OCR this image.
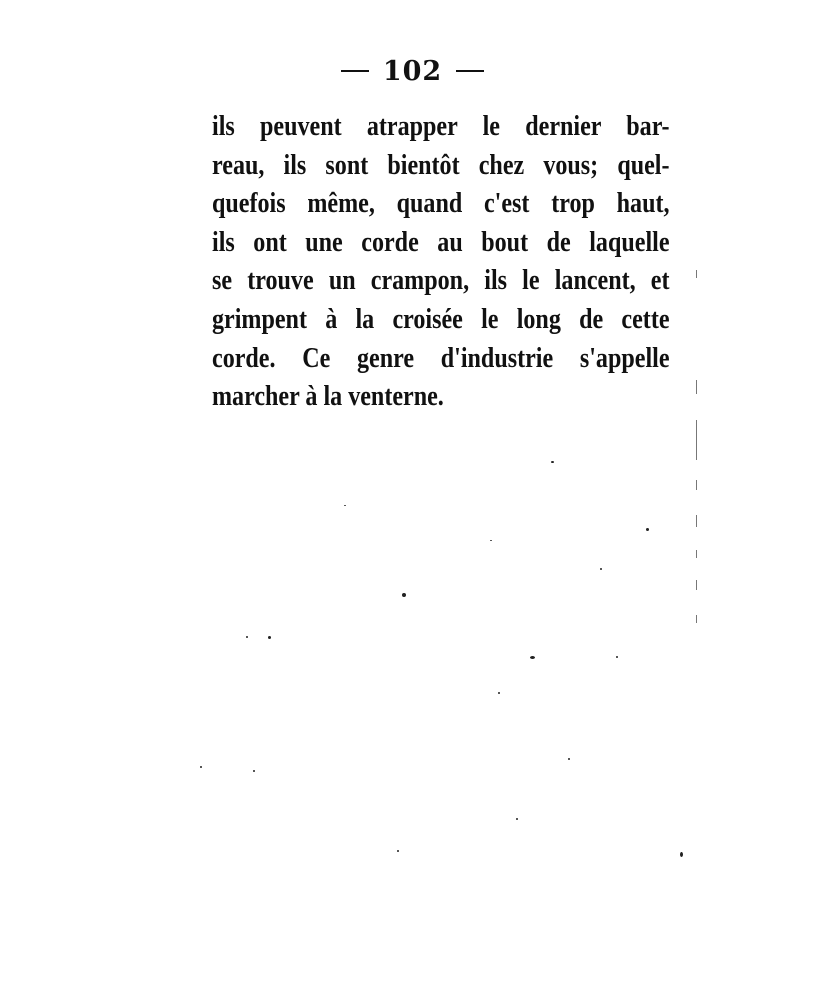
102
ils peuvent atrapper le dernier bar-
reau, ils sont bientôt chez vous; quel-
quefois même, quand c'est trop haut,
ils ont une corde au bout de laquelle
se trouve un crampon, ils le lancent, et
grimpent à la croisée le long de cette
corde. Ce genre d'industrie s'appelle
marcher à la venterne.
